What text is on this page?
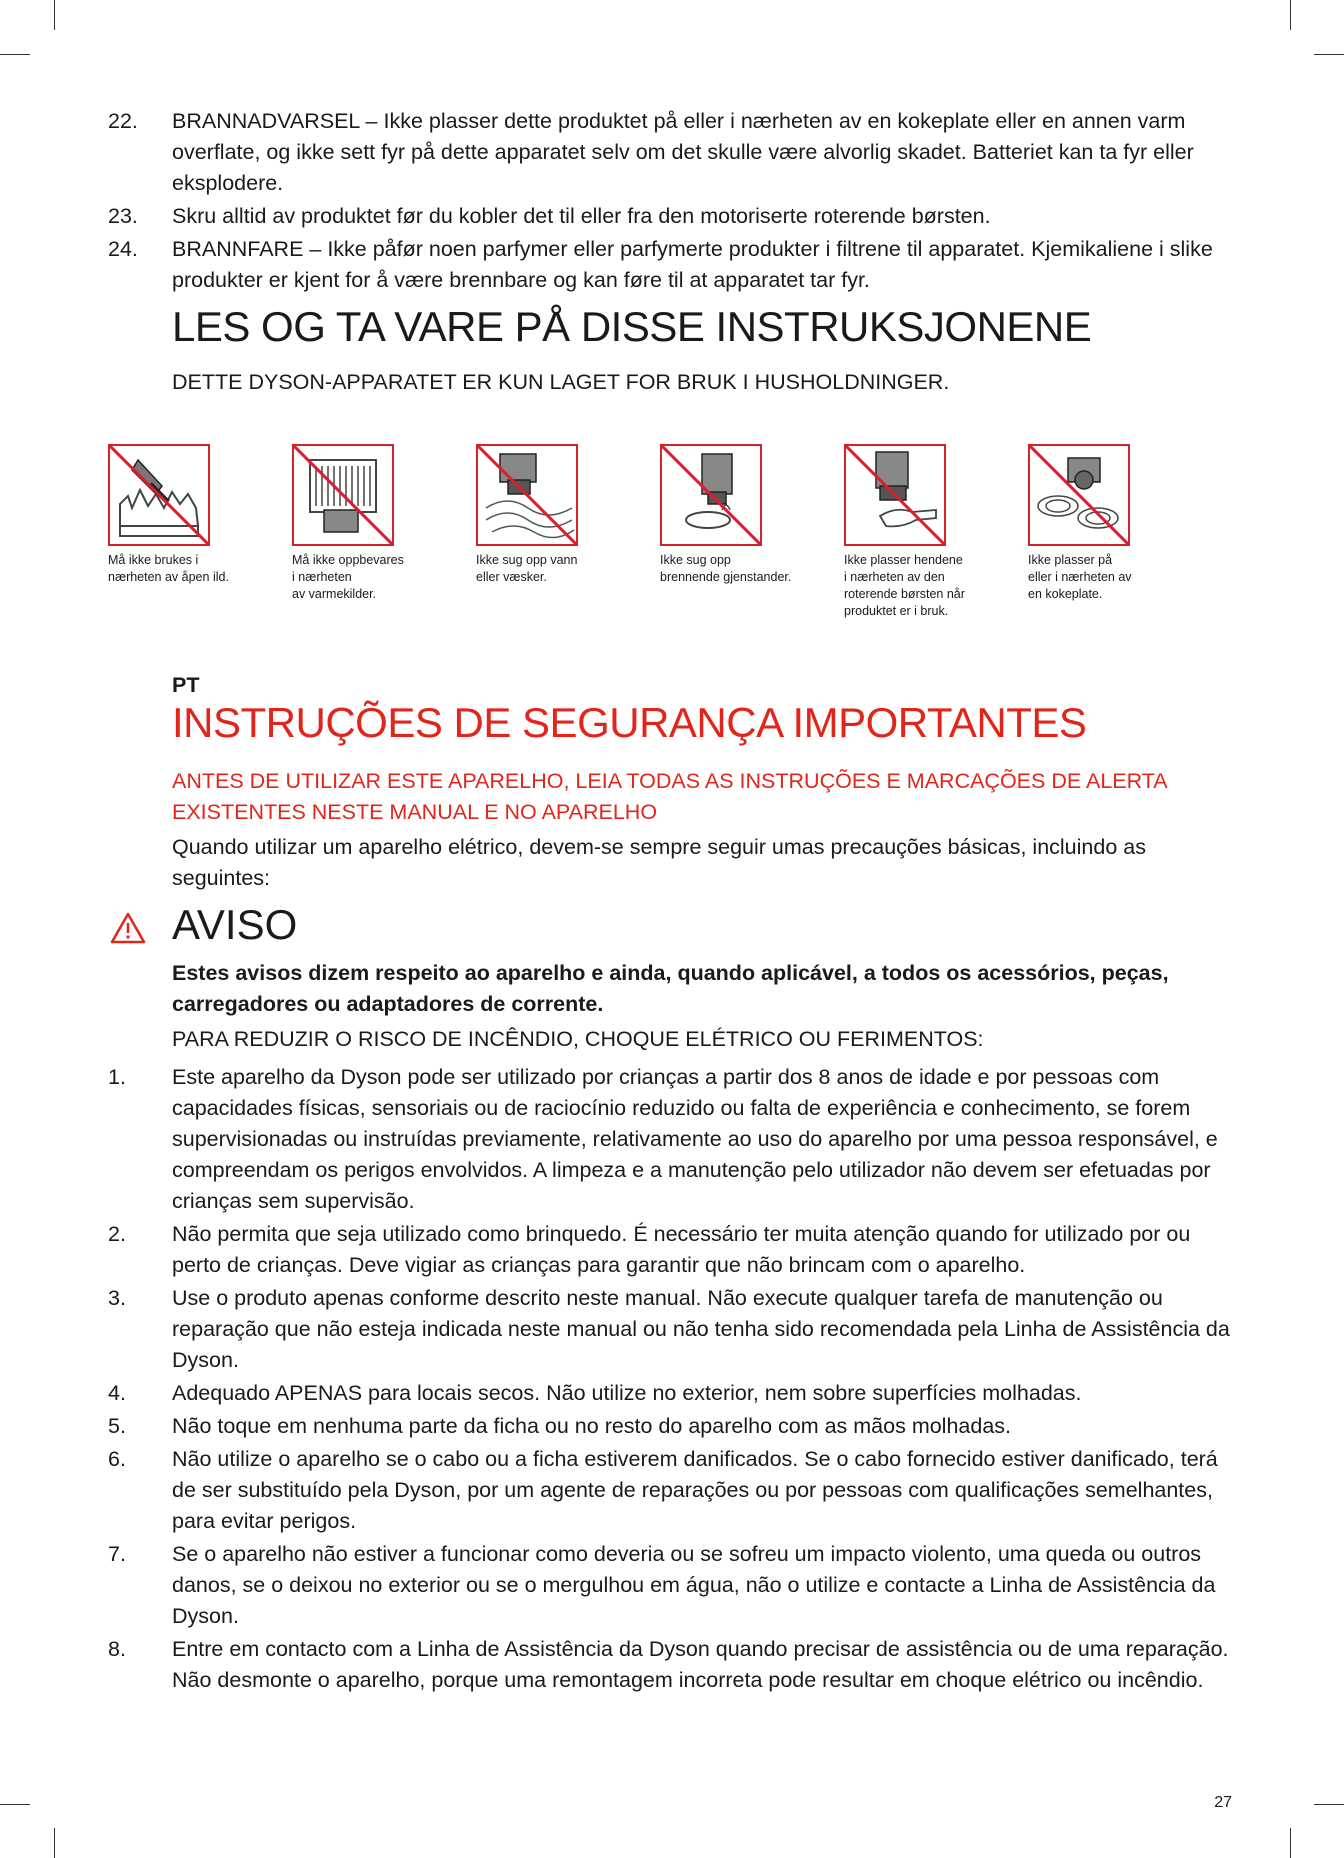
22. BRANNADVARSEL – Ikke plasser dette produktet på eller i nærheten av en kokeplate eller en annen varm overflate, og ikke sett fyr på dette apparatet selv om det skulle være alvorlig skadet. Batteriet kan ta fyr eller eksplodere.
23. Skru alltid av produktet før du kobler det til eller fra den motoriserte roterende børsten.
24. BRANNFARE – Ikke påfør noen parfymer eller parfymerte produkter i filtrene til apparatet. Kjemikaliene i slike produkter er kjent for å være brennbare og kan føre til at apparatet tar fyr.
LES OG TA VARE PÅ DISSE INSTRUKSJONENE

DETTE DYSON-APPARATET ER KUN LAGET FOR BRUK I HUSHOLDNINGER.

Må ikke brukes i
nærheten av åpen ild.
Må ikke oppbevares
i nærheten
av varmekilder.
Ikke sug opp vann
eller væsker.
Ikke sug opp
brennende gjenstander.
Ikke plasser hendene
i nærheten av den
roterende børsten når
produktet er i bruk.
Ikke plasser på
eller i nærheten av
en kokeplate.

PT

INSTRUÇÕES DE SEGURANÇA IMPORTANTES

ANTES DE UTILIZAR ESTE APARELHO, LEIA TODAS AS INSTRUÇÕES E MARCAÇÕES DE ALERTA EXISTENTES NESTE MANUAL E NO APARELHO

Quando utilizar um aparelho elétrico, devem-se sempre seguir umas precauções básicas, incluindo as seguintes:

AVISO

Estes avisos dizem respeito ao aparelho e ainda, quando aplicável, a todos os acessórios, peças, carregadores ou adaptadores de corrente.

PARA REDUZIR O RISCO DE INCÊNDIO, CHOQUE ELÉTRICO OU FERIMENTOS:

1. Este aparelho da Dyson pode ser utilizado por crianças a partir dos 8 anos de idade e por pessoas com capacidades físicas, sensoriais ou de raciocínio reduzido ou falta de experiência e conhecimento, se forem supervisionadas ou instruídas previamente, relativamente ao uso do aparelho por uma pessoa responsável, e compreendam os perigos envolvidos. A limpeza e a manutenção pelo utilizador não devem ser efetuadas por crianças sem supervisão.
2. Não permita que seja utilizado como brinquedo. É necessário ter muita atenção quando for utilizado por ou perto de crianças. Deve vigiar as crianças para garantir que não brincam com o aparelho.
3. Use o produto apenas conforme descrito neste manual. Não execute qualquer tarefa de manutenção ou reparação que não esteja indicada neste manual ou não tenha sido recomendada pela Linha de Assistência da Dyson.
4. Adequado APENAS para locais secos. Não utilize no exterior, nem sobre superfícies molhadas.
5. Não toque em nenhuma parte da ficha ou no resto do aparelho com as mãos molhadas.
6. Não utilize o aparelho se o cabo ou a ficha estiverem danificados. Se o cabo fornecido estiver danificado, terá de ser substituído pela Dyson, por um agente de reparações ou por pessoas com qualificações semelhantes, para evitar perigos.
7. Se o aparelho não estiver a funcionar como deveria ou se sofreu um impacto violento, uma queda ou outros danos, se o deixou no exterior ou se o mergulhou em água, não o utilize e contacte a Linha de Assistência da Dyson.
8. Entre em contacto com a Linha de Assistência da Dyson quando precisar de assistência ou de uma reparação. Não desmonte o aparelho, porque uma remontagem incorreta pode resultar em choque elétrico ou incêndio.
27
